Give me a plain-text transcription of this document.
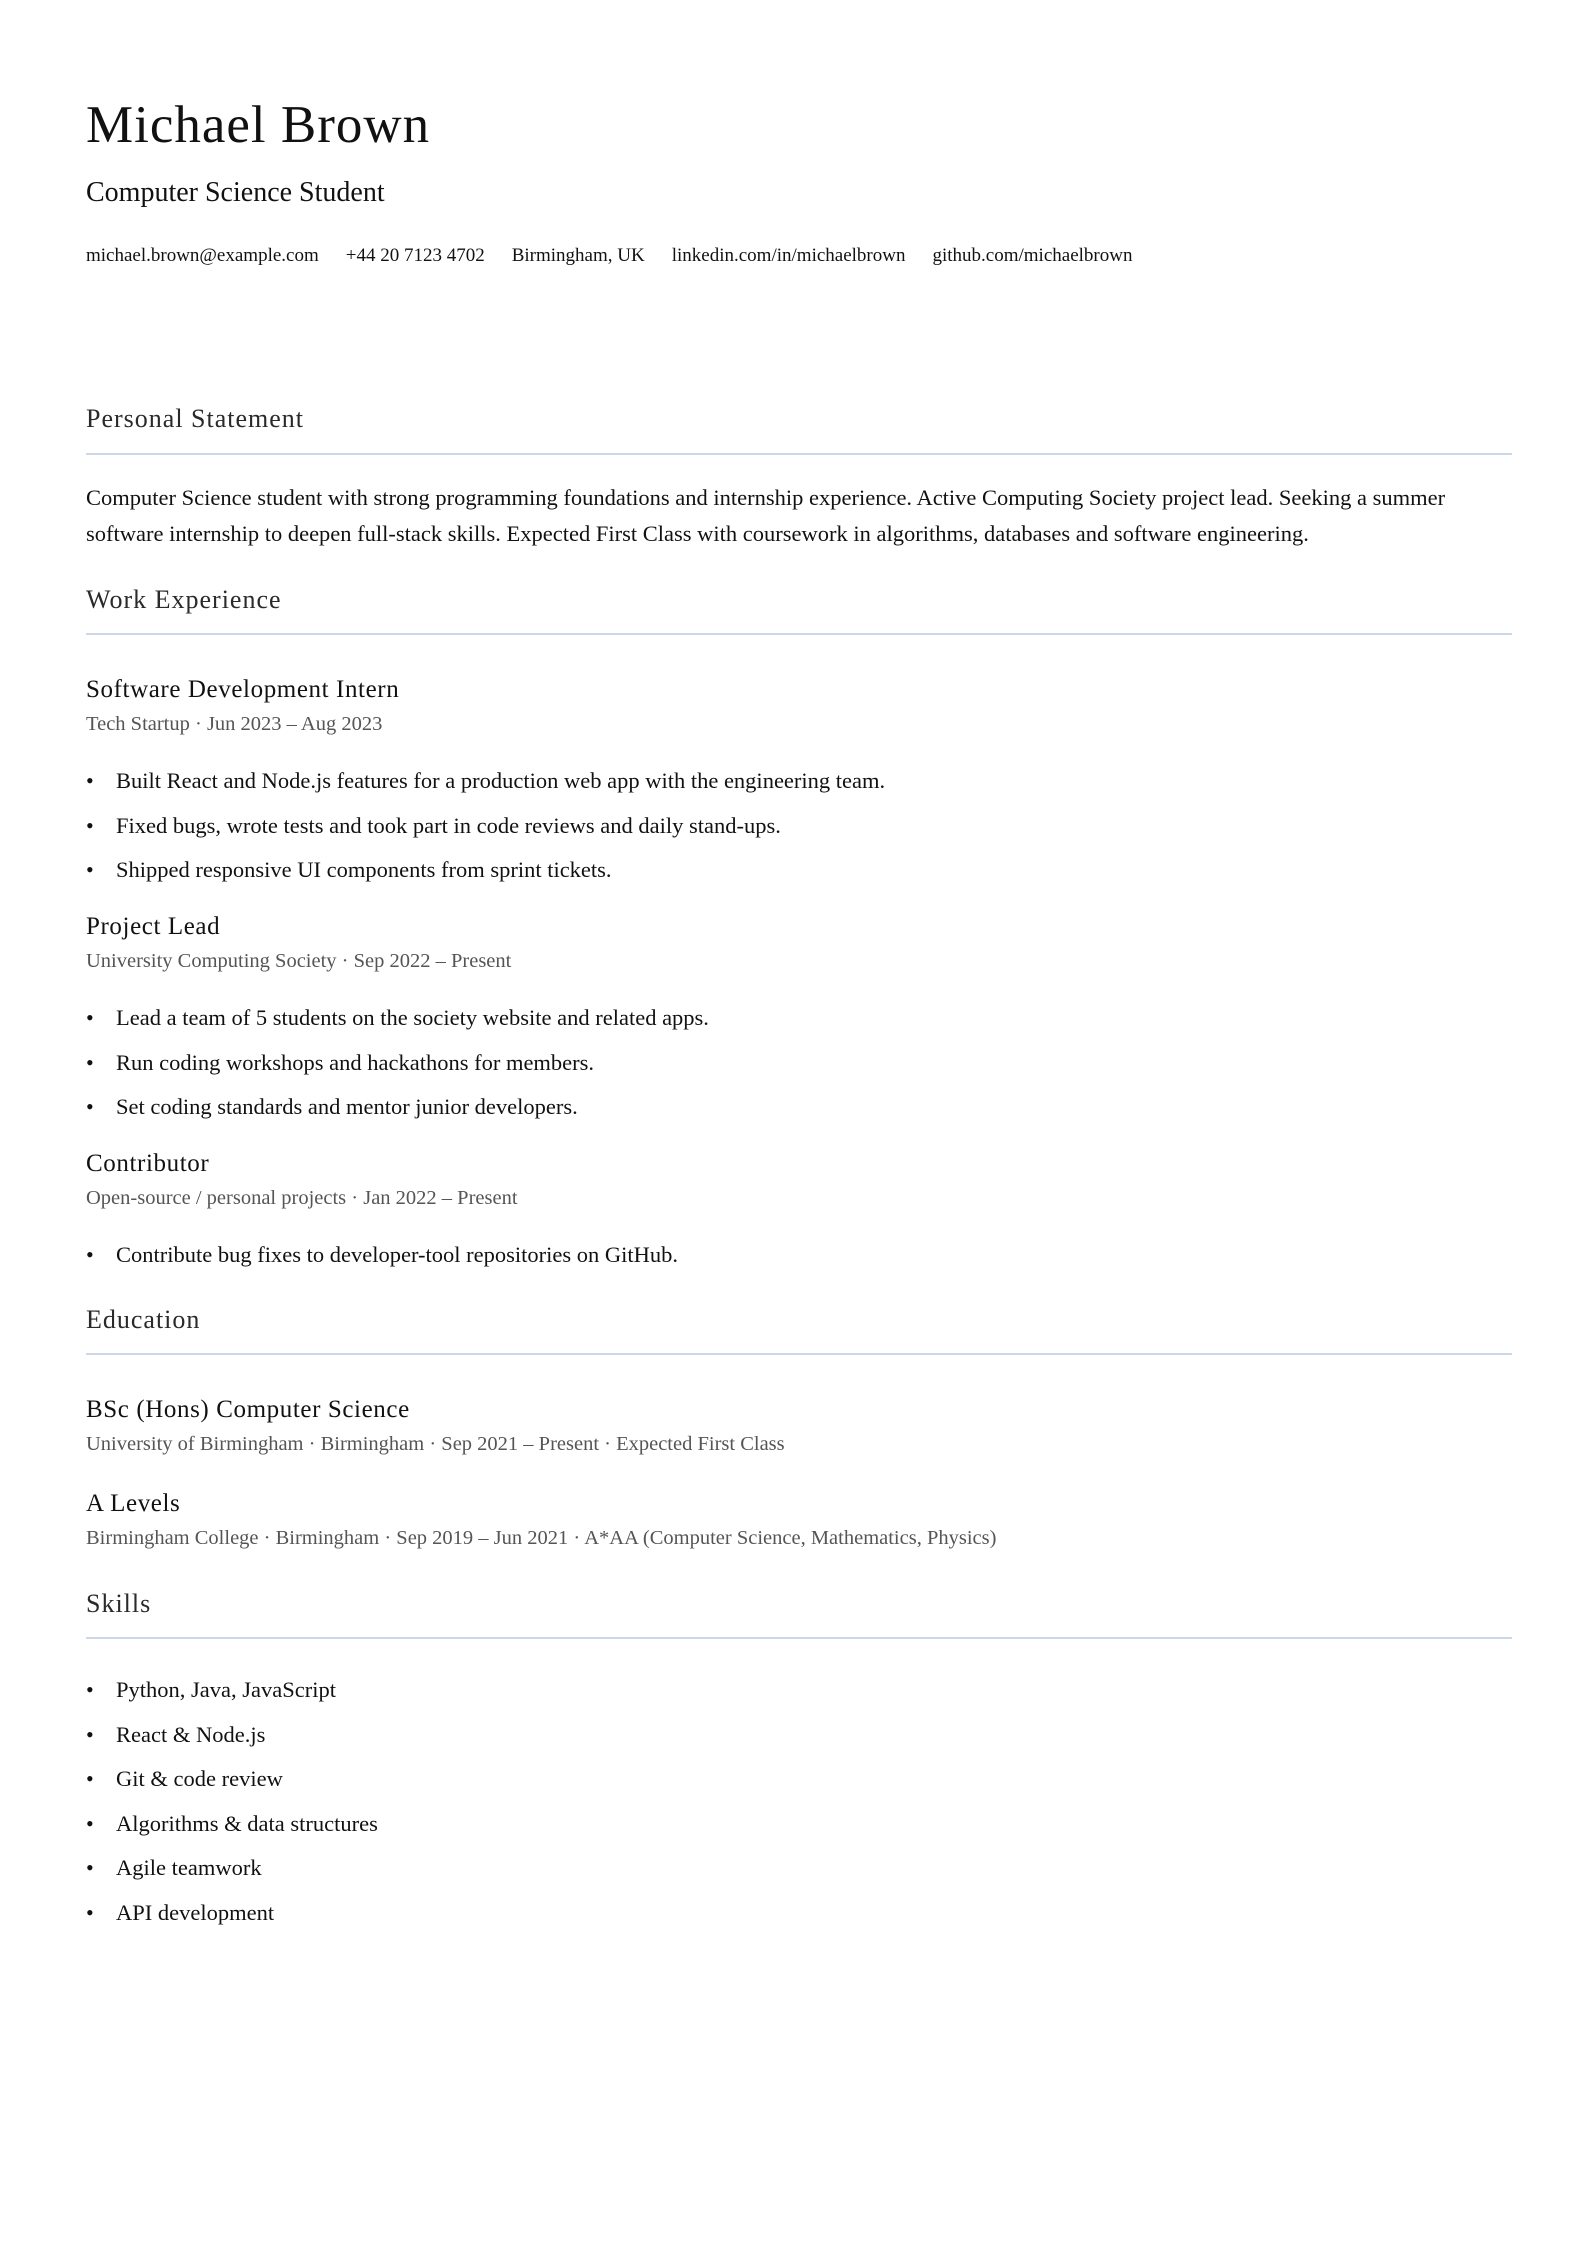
Michael Brown
Computer Science Student
michael.brown@example.com +44 20 7123 4702 Birmingham, UK linkedin.com/in/michaelbrown github.com/michaelbrown
Personal Statement
Computer Science student with strong programming foundations and internship experience. Active Computing Society project lead. Seeking a summer software internship to deepen full-stack skills. Expected First Class with coursework in algorithms, databases and software engineering.
Work Experience
Software Development Intern
Tech Startup · Jun 2023 – Aug 2023
• Built React and Node.js features for a production web app with the engineering team.
• Fixed bugs, wrote tests and took part in code reviews and daily stand-ups.
• Shipped responsive UI components from sprint tickets.
Project Lead
University Computing Society · Sep 2022 – Present
• Lead a team of 5 students on the society website and related apps.
• Run coding workshops and hackathons for members.
• Set coding standards and mentor junior developers.
Contributor
Open-source / personal projects · Jan 2022 – Present
• Contribute bug fixes to developer-tool repositories on GitHub.
Education
BSc (Hons) Computer Science
University of Birmingham · Birmingham · Sep 2021 – Present · Expected First Class
A Levels
Birmingham College · Birmingham · Sep 2019 – Jun 2021 · A*AA (Computer Science, Mathematics, Physics)
Skills
• Python, Java, JavaScript
• React & Node.js
• Git & code review
• Algorithms & data structures
• Agile teamwork
• API development
